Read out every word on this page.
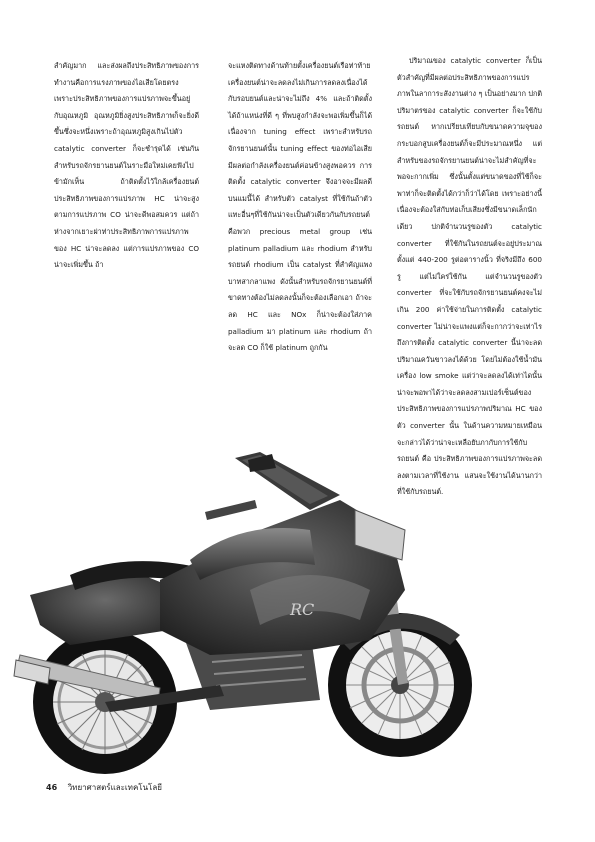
สำคัญมาก และส่งผลถึงประสิทธิภาพของการทำงานคือการแรงภาพของไอเสียโดยตรง เพราะประสิทธิภาพของการแปรภาพจะขึ้นอยู่กับอุณหภูมิ อุณหภูมิยิ่งสูงประสิทธิภาพก็จะยิ่งดีขึ้นซึ่งจะหนึ่งเพราะถ้าอุณหภูมิสูงเกินไปตัว catalytic converter ก็จะชำรุดได้ เช่นกัน สำหรับรถจักรยานยนต์ในราะมือใหม่เคยฟังไปข้ามักเห็น ถ้าติดตั้งไว้ใกล้เครื่องยนต์ประสิทธิภาพของการแปรภาพ HC น่าจะสูง ตามการแปรภาพ CO น่าจะดีพอสมควร แต่ถ้าห่างจากเยาะผ่าท่าประสิทธิภาพการแปรภาพของ HC น่าจะลดลง แต่การแปรภาพของ CO น่าจะเพิ่มขึ้น ถ้า

จะแหงติดทางด้านท้ายตั้งเครื่องยนต์เรือท่าท้ายเครื่องยนต์น่าจะลดลงไม่เกินการลดลงเนื่องได้กับรอบยนต์และน่าจะไม่ถึง 4% และถ้าติดตั้งได้ถ้าแหน่งที่ดี ๆ ที่พบสูงกำลังจะพอเพิ่มขึ้นก็ได้เนื่องจาก tuning effect เพราะสำหรับรถจักรยานยนต์นั้น tuning effect ของท่อไอเสียมีผลต่อกำลังเครื่องยนต์ค่อนข้างสูงพอควร การติดตั้ง catalytic converter จึงอาจจะมีผลดีบนแมนี้ได้ สำหรับตัว catalyst ที่ใช้กันถ้าตัวแทะอื่นๆที่ใช้กันน่าจะเป็นตัวเดียวกันกับรถยนต์คือพวก precious metal group เช่น platinum palladium และ rhodium สำหรับรถยนต์ rhodium เป็น catalyst ที่สำคัญแพงบาทสากลาแพง ดังนั้นสำหรับรถจักรยานยนต์ที่ขาดทางต้องไม่ลดลงนั้นก็จะต้องเลือกเอา ถ้าจะลด HC และ NOx ก็น่าจะต้องใส่ภาค palladium มา platinum และ rhodium ถ้าจะลด CO ก็ใช้ platinum ถูกกัน

ปริมาณของ catalytic converter ก็เป็นตัวสำคัญที่มีผลต่อประสิทธิภาพของการแปรภาพในลาการะสังงานต่าง ๆ เป็นอย่างมาก ปกติปริมาตรของ catalytic converter ก็จะใช้กับรถยนต์ หากเปรียบเทียบกับขนาดความจุของกระบอกสูบเครื่องยนต์ก็จะมีประมาณหนึ่ง แต่สำหรับของรถจักรยานยนต์น่าจะไม่สำคัญที่จะพอจะกากเพิ่ม ซึ่งนั้นตั้งแต่ขนาดของที่ใช้ก็จะพาท่าก็จะติดตั้งได้กว่าก็ว่าได้โดย เพราะอย่างนี้เนื่องจะต้องใส่กับท่อเก็บเสียงซึ่งมีขนาดเล็กนักเดียว ปกติจำนวนรูของตัว catalytic converter ที่ใช้กันในรถยนต์จะอยู่ประมาณตั้งแต่ 440-200 รูต่อตารางนิ้ว ที่จริงมีถึง 600 รู แต่ไม่ใคร่ใช้กัน แต่จำนวนรูของตัว converter ที่จะใช้กับรถจักรยานยนต์คงจะไม่เกิน 200 ค่าใช้จ่ายในการติดตั้ง catalytic converter ไม่น่าจะแพงแต่ก็จะกากว่าจะเท่าไร ถึงการติดตั้ง catalytic converter นี้น่าจะลดปริมาณควันขาวลงได้ด้วย โดยไม่ต้องใช้น้ำมันเครื่อง low smoke แต่ว่าจะลดลงได้เท่าไดนั้นน่าจะพอพาได้ว่าจะลดลงสามเปอร์เซ็นต์ของประสิทธิภาพของการแปรภาพปริมาณ HC ของตัว converter นั้น ในด้านความหมายเหมือนจะกล่าวได้ว่าน่าจะเหลือยับภากับการใช้กับ รถยนต์ คือ ประสิทธิภาพของการแปรภาพจะลดลงตามเวลาที่ใช้งาน แสนจะใช้งานได้นานกว่าที่ใช้กับรถยนต์.

RC
46 วิทยาศาสตร์และเทคโนโลยี
